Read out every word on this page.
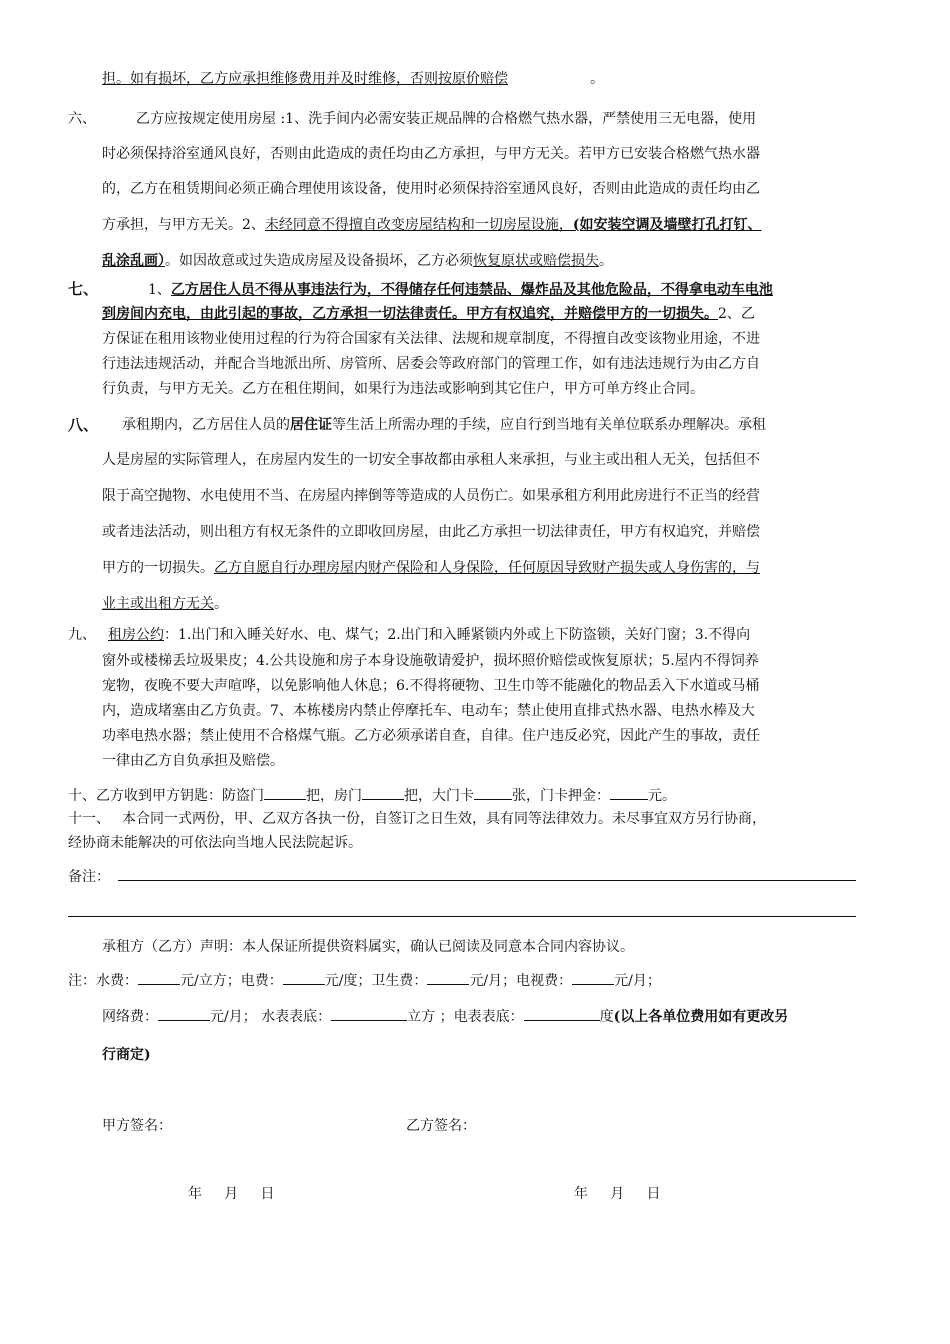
担。如有损坏，乙方应承担维修费用并及时维修，否则按原价赔偿	。
六、	乙方应按规定使用房屋 :1、洗手间内必需安装正规品牌的合格燃气热水器，严禁使用三无电器，使用
时必须保持浴室通风良好，否则由此造成的责任均由乙方承担，与甲方无关。若甲方已安装合格燃气热水器
的，乙方在租赁期间必须正确合理使用该设备，使用时必须保持浴室通风良好，否则由此造成的责任均由乙
方承担，与甲方无关。2、未经同意不得擅自改变房屋结构和一切房屋设施，(如安装空调及墙壁打孔打钉、
乱涂乱画）。如因故意或过失造成房屋及设备损坏，乙方必须恢复原状或赔偿损失。
七、	1、乙方居住人员不得从事违法行为，不得储存任何违禁品、爆炸品及其他危险品，不得拿电动车电池
到房间内充电，由此引起的事故，乙方承担一切法律责任。甲方有权追究，并赔偿甲方的一切损失。2、乙
方保证在租用该物业使用过程的行为符合国家有关法律、法规和规章制度，不得擅自改变该物业用途，不进
行违法违规活动，并配合当地派出所、房管所、居委会等政府部门的管理工作，如有违法违规行为由乙方自
行负责，与甲方无关。乙方在租住期间，如果行为违法或影响到其它住户，甲方可单方终止合同。
八、 承租期内，乙方居住人员的居住证等生活上所需办理的手续，应自行到当地有关单位联系办理解决。承租
人是房屋的实际管理人，在房屋内发生的一切安全事故都由承租人来承担，与业主或出租人无关，包括但不
限于高空抛物、水电使用不当、在房屋内摔倒等等造成的人员伤亡。如果承租方利用此房进行不正当的经营
或者违法活动，则出租方有权无条件的立即收回房屋，由此乙方承担一切法律责任，甲方有权追究，并赔偿
甲方的一切损失。乙方自愿自行办理房屋内财产保险和人身保险，任何原因导致财产损失或人身伤害的，与
业主或出租方无关。
九、 租房公约：1.出门和入睡关好水、电、煤气；2.出门和入睡紧锁内外或上下防盗锁，关好门窗；3.不得向
窗外或楼梯丢垃圾果皮；4.公共设施和房子本身设施敬请爱护，损坏照价赔偿或恢复原状；5.屋内不得饲养
宠物，夜晚不要大声喧哗，以免影响他人休息；6.不得将硬物、卫生巾等不能融化的物品丢入下水道或马桶
内，造成堵塞由乙方负责。7、本栋楼房内禁止停摩托车、电动车；禁止使用直排式热水器、电热水棒及大
功率电热水器；禁止使用不合格煤气瓶。乙方必须承诺自查，自律。住户违反必究，因此产生的事故，责任
一律由乙方自负承担及赔偿。
十、乙方收到甲方钥匙：防盗门	把，房门	把，大门卡	张，门卡押金：	元。
十一、 本合同一式两份，甲、乙双方各执一份，自签订之日生效，具有同等法律效力。未尽事宜双方另行协商，
经协商未能解决的可依法向当地人民法院起诉。
备注：
承租方（乙方）声明：本人保证所提供资料属实，确认已阅读及同意本合同内容协议。
注：水费：	元/立方；电费：	元/度；卫生费：	元/月；电视费：	元/月；
网络费：	元/月； 水表表底：	立方 ；电表表底：	度(以上各单位费用如有更改另
行商定)
甲方签名：	乙方签名：
年     月     日	年     月     日
